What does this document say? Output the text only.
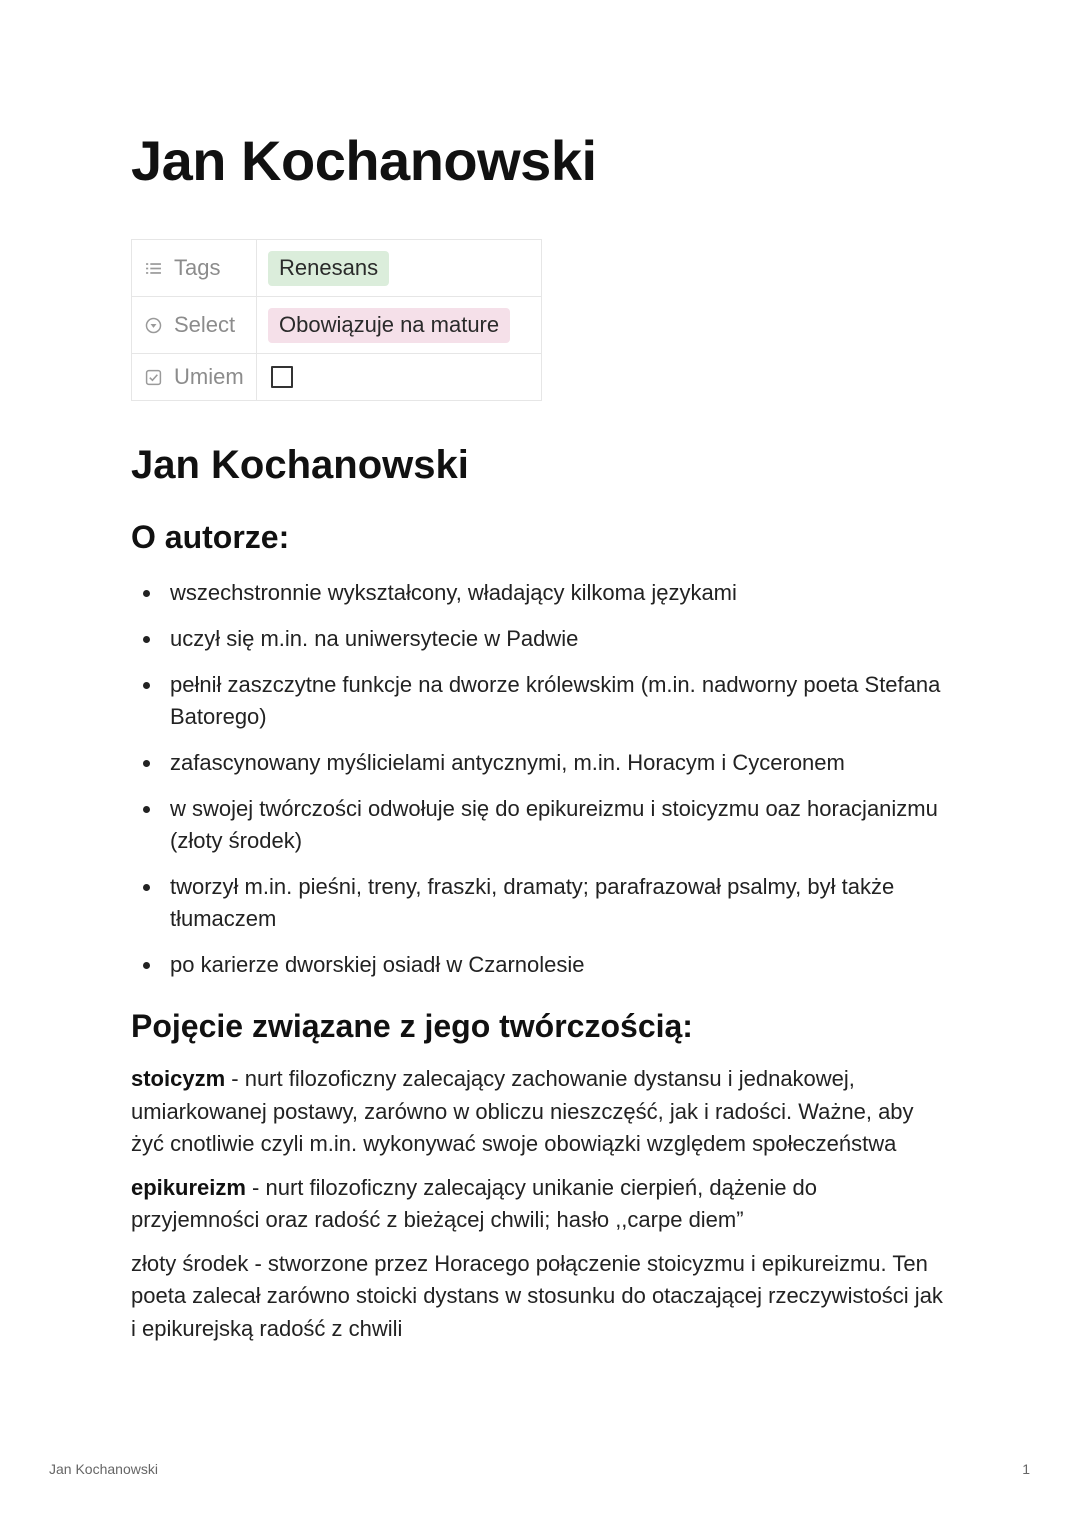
Jan Kochanowski
Tags	Renesans

Select	Obowiązuje na mature

Umiem	

Jan Kochanowski
O autorze:
wszechstronnie wykształcony, władający kilkoma językami
uczył się m.in. na uniwersytecie w Padwie
pełnił zaszczytne funkcje na dworze królewskim (m.in. nadworny poeta Stefana Batorego)
zafascynowany myślicielami antycznymi, m.in. Horacym i Cyceronem
w swojej twórczości odwołuje się do epikureizmu i stoicyzmu oaz horacjanizmu (złoty środek)
tworzył m.in. pieśni, treny, fraszki, dramaty; parafrazował psalmy, był także tłumaczem
po karierze dworskiej osiadł w Czarnolesie
Pojęcie związane z jego twórczością:

stoicyzm - nurt filozoficzny zalecający zachowanie dystansu i jednakowej, umiarkowanej postawy, zarówno w obliczu nieszczęść, jak i radości. Ważne, aby żyć cnotliwie czyli m.in. wykonywać swoje obowiązki względem społeczeństwa

epikureizm - nurt filozoficzny zalecający unikanie cierpień, dążenie do przyjemności oraz radość z bieżącej chwili; hasło ,,carpe diem”

złoty środek - stworzone przez Horacego połączenie stoicyzmu i epikureizmu. Ten poeta zalecał zarówno stoicki dystans w stosunku do otaczającej rzeczywistości jak i epikurejską radość z chwili

Jan Kochanowski	1
